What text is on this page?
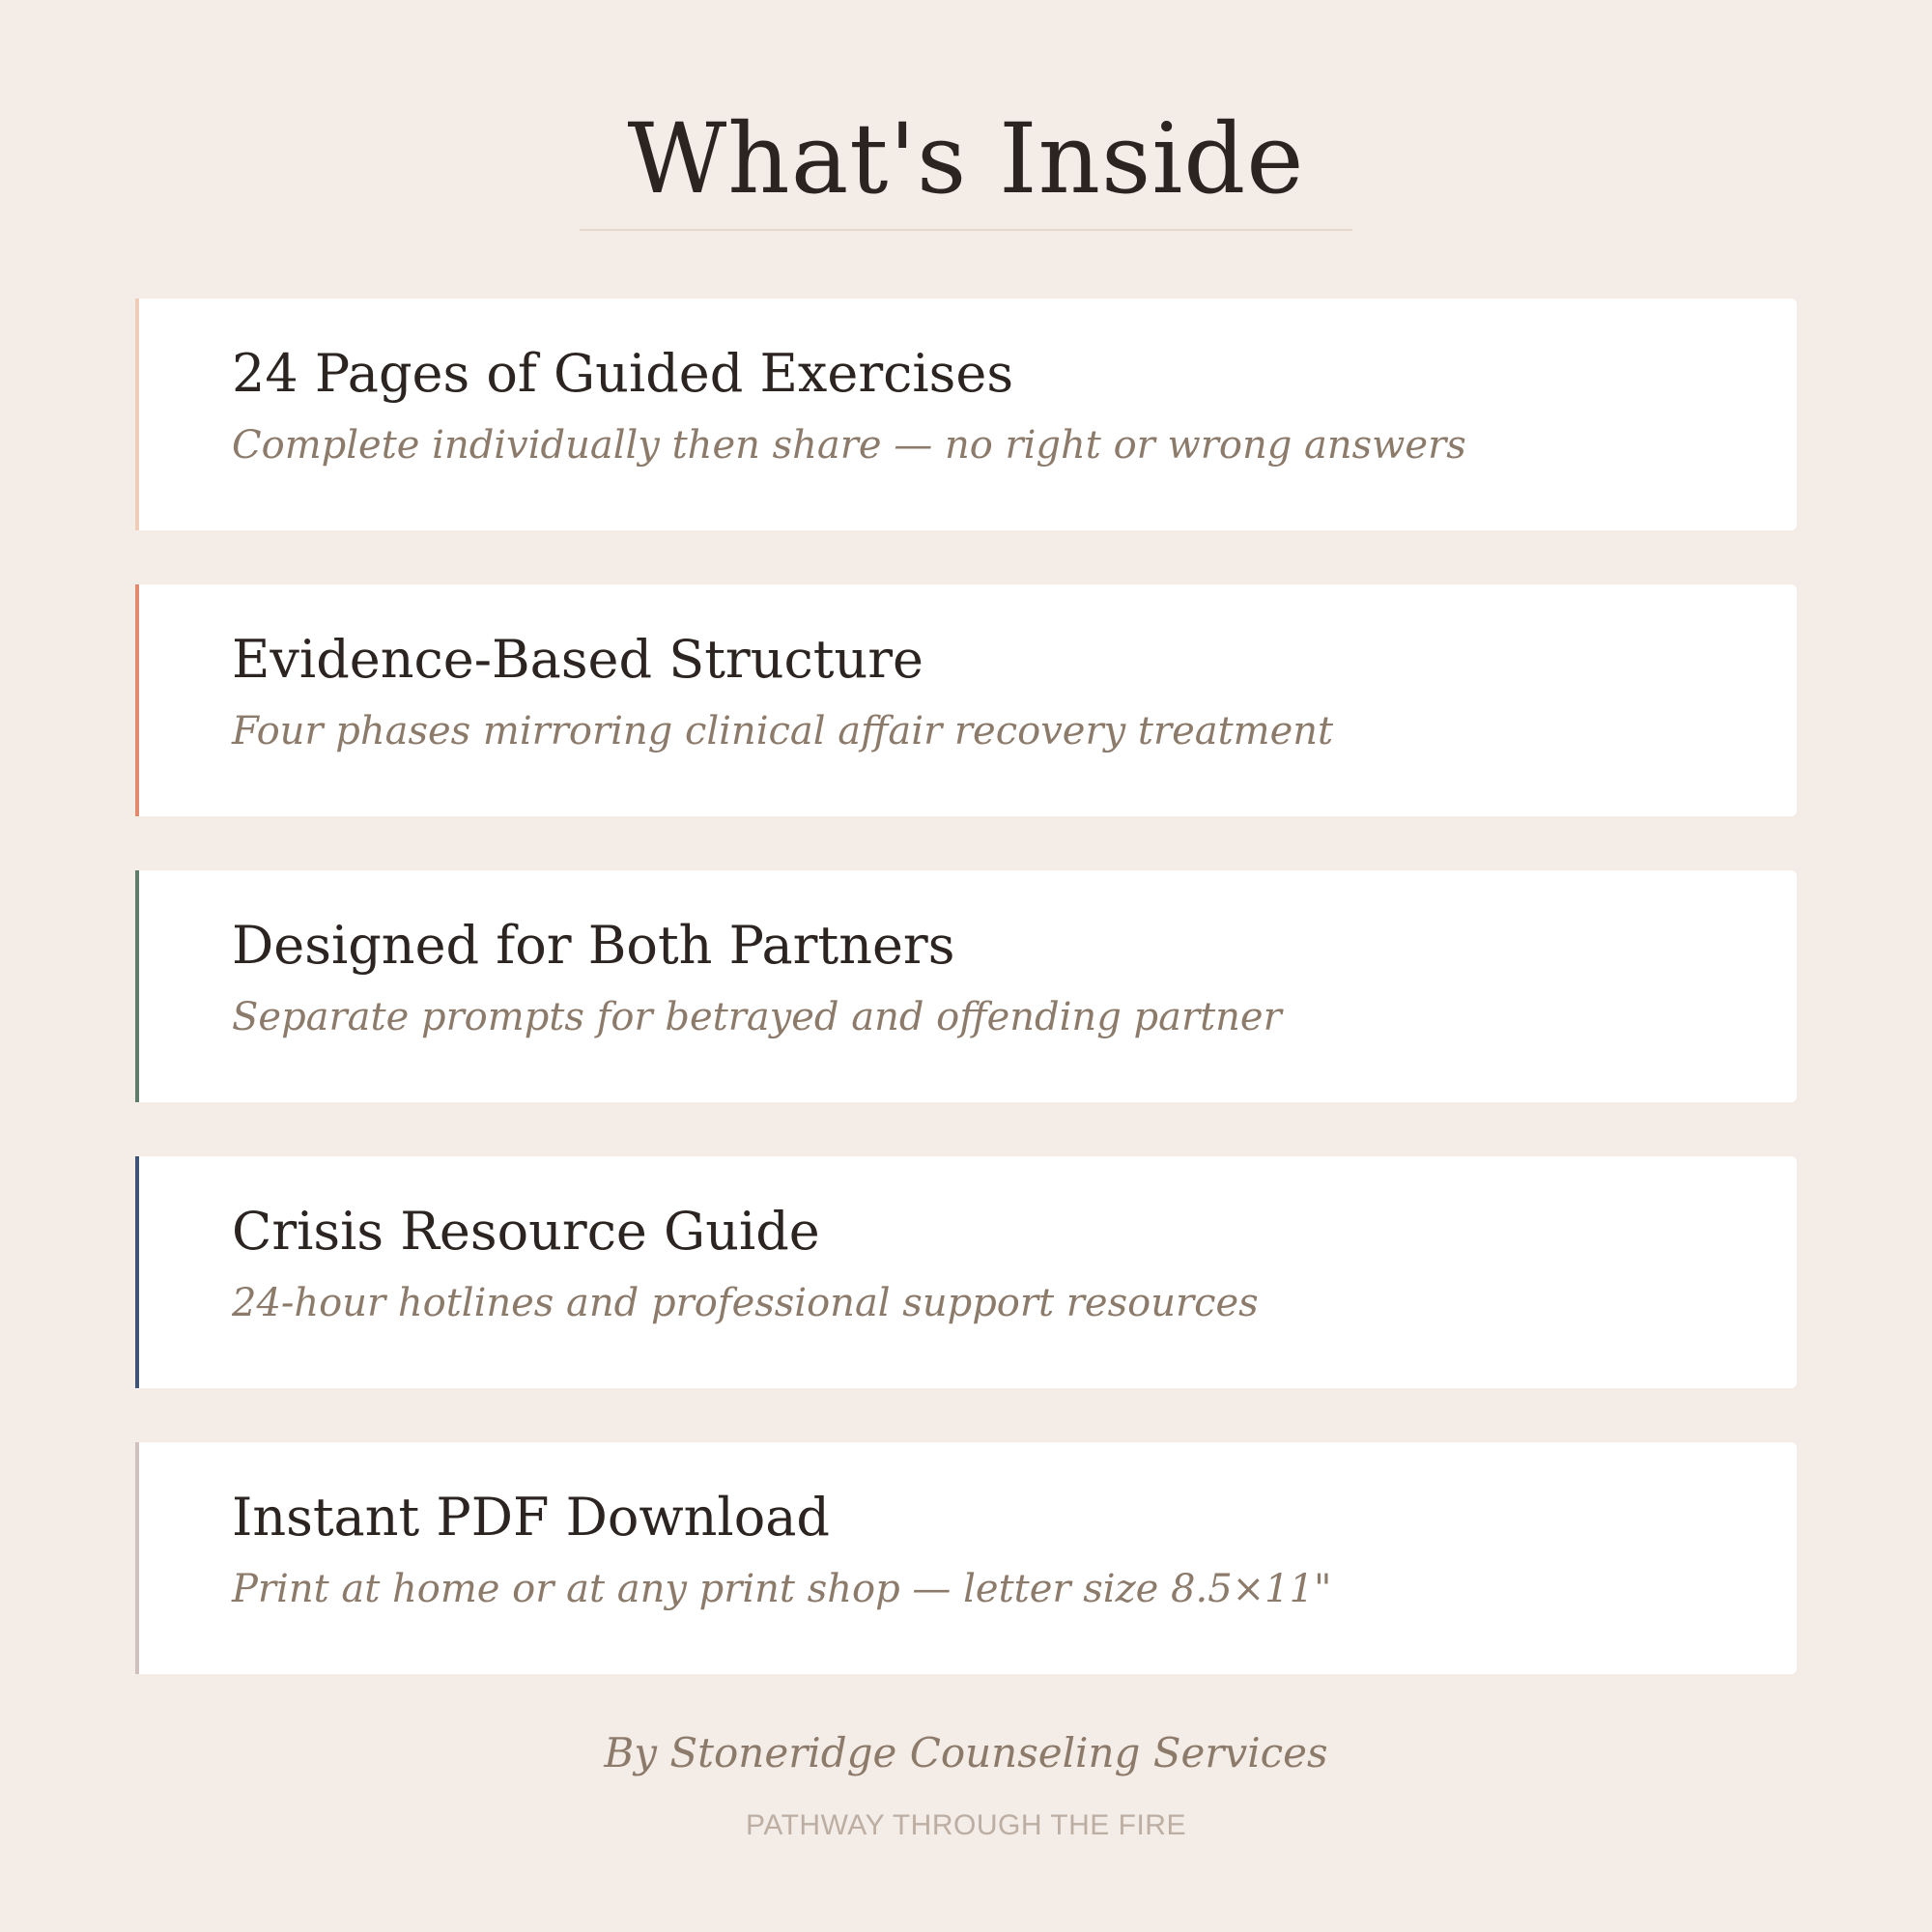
What's Inside
24 Pages of Guided Exercises
Complete individually then share — no right or wrong answers
Evidence-Based Structure
Four phases mirroring clinical affair recovery treatment
Designed for Both Partners
Separate prompts for betrayed and offending partner
Crisis Resource Guide
24-hour hotlines and professional support resources
Instant PDF Download
Print at home or at any print shop — letter size 8.5×11"
By Stoneridge Counseling Services
PATHWAY THROUGH THE FIRE
